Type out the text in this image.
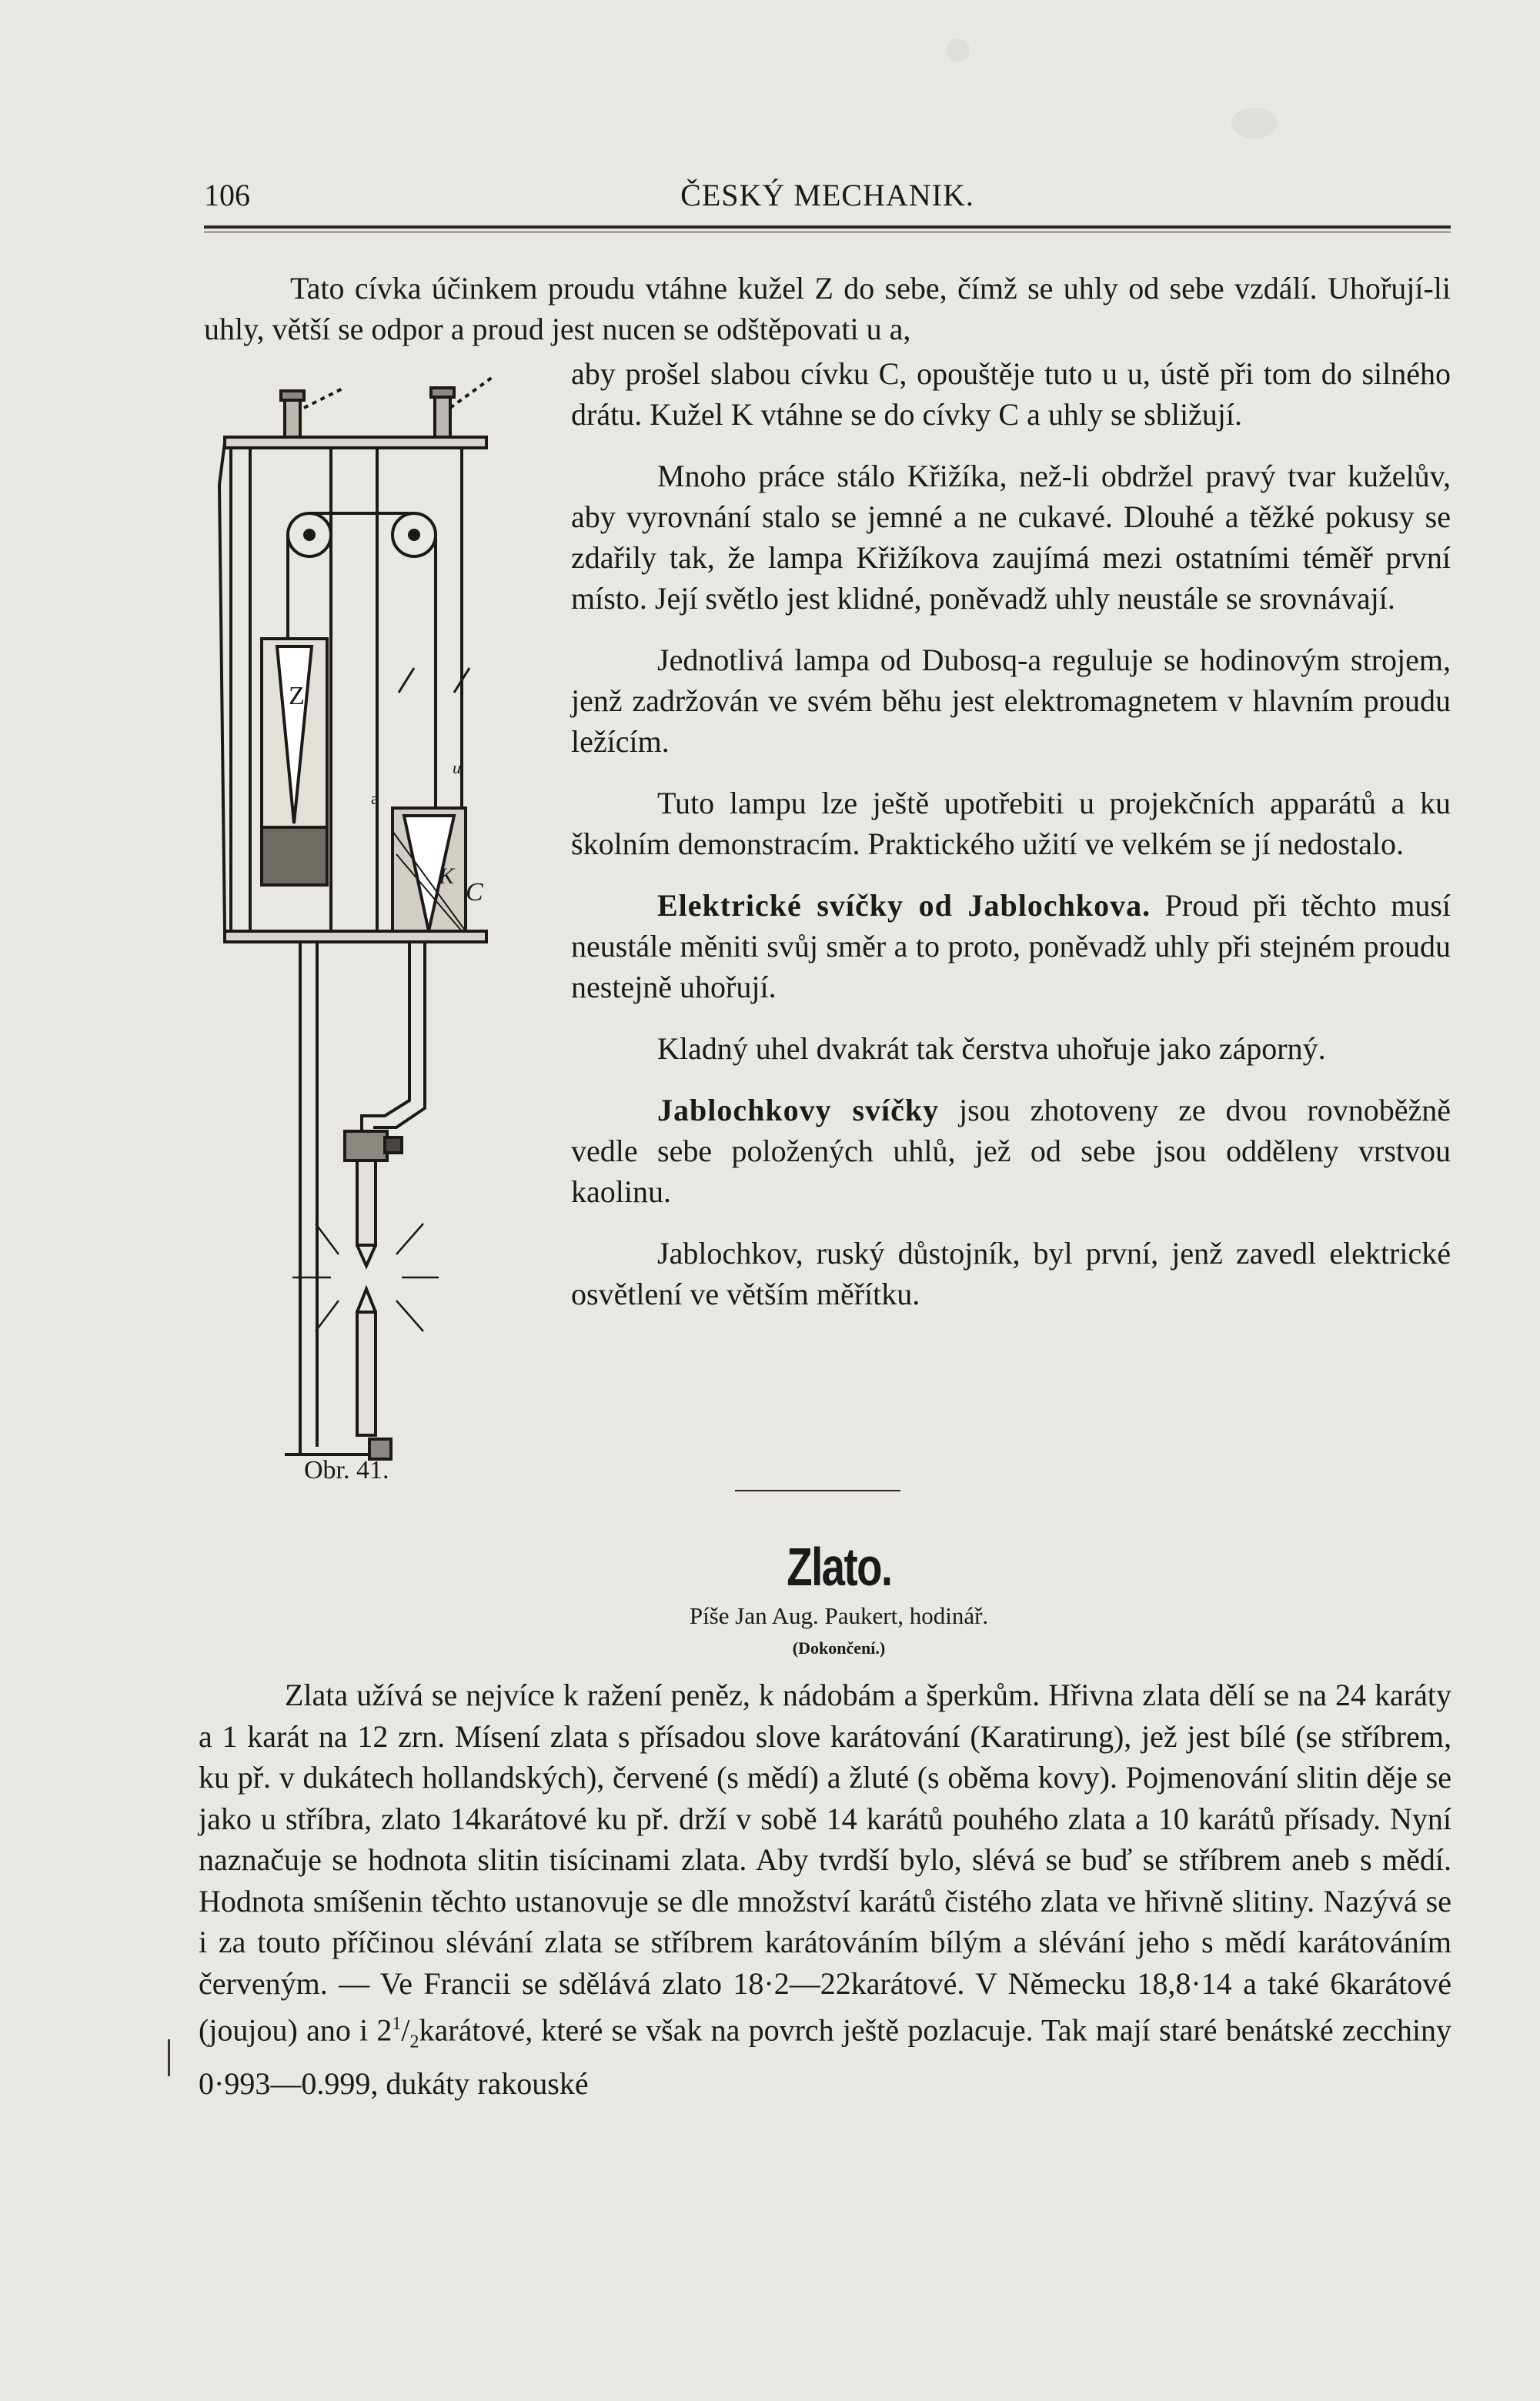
106	ČESKÝ MECHANIK.

Tato cívka účinkem proudu vtáhne kužel Z do sebe, čímž se uhly od sebe vzdálí. Uhořují-li uhly, větší se odpor a proud jest nucen se odštěpovati u a,

aby prošel slabou cívku C, opouštěje tuto u u, ústě při tom do silného drátu. Kužel K vtáhne se do cívky C a uhly se sbližují.

Mnoho práce stálo Křižíka, než-li obdržel pravý tvar kuželův, aby vyrovnání stalo se jemné a ne cukavé. Dlouhé a těžké pokusy se zdařily tak, že lampa Křižíkova zaujímá mezi ostatními téměř první místo. Její světlo jest klidné, poněvadž uhly neustále se srovnávají.

Jednotlivá lampa od Dubosq-a reguluje se hodinovým strojem, jenž zadržován ve svém běhu jest elektromagnetem v hlavním proudu ležícím.

Tuto lampu lze ještě upotřebiti u projekčních apparátů a ku školním demonstracím. Praktického užití ve velkém se jí nedostalo.

Elektrické svíčky od Jablochkova. Proud při těchto musí neustále měniti svůj směr a to proto, poněvadž uhly při stejném proudu nestejně uhořují.

Kladný uhel dvakrát tak čerstva uhořuje jako záporný.

Jablochkovy svíčky jsou zhotoveny ze dvou rovnoběžně vedle sebe položených uhlů, jež od sebe jsou odděleny vrstvou kaolinu.

Jablochkov, ruský důstojník, byl první, jenž zavedl elektrické osvětlení ve větším měřítku.

Z
C
a
u
K
Obr. 41.
Zlato.
Píše Jan Aug. Paukert, hodinář.
(Dokončení.)

Zlata užívá se nejvíce k ražení peněz, k nádobám a šperkům. Hřivna zlata dělí se na 24 karáty a 1 karát na 12 zrn. Mísení zlata s přísadou slove karátování (Karatirung), jež jest bílé (se stříbrem, ku př. v dukátech hollandských), červené (s mědí) a žluté (s oběma kovy). Pojmenování slitin děje se jako u stříbra, zlato 14karátové ku př. drží v sobě 14 karátů pouhého zlata a 10 karátů přísady. Nyní naznačuje se hodnota slitin tisícinami zlata. Aby tvrdší bylo, slévá se buď se stříbrem aneb s mědí. Hodnota smíšenin těchto ustanovuje se dle množství karátů čistého zlata ve hřivně slitiny. Nazývá se i za touto příčinou slévání zlata se stříbrem karátováním bílým a slévání jeho s mědí karátováním červeným. — Ve Francii se sdělává zlato 18·2—22karátové. V Německu 18,8·14 a také 6karátové (joujou) ano i $2^1/_2karátové$, které se však na povrch ještě pozlacuje. Tak mají staré benátské zecchiny 0·993—0.999, dukáty rakouské
